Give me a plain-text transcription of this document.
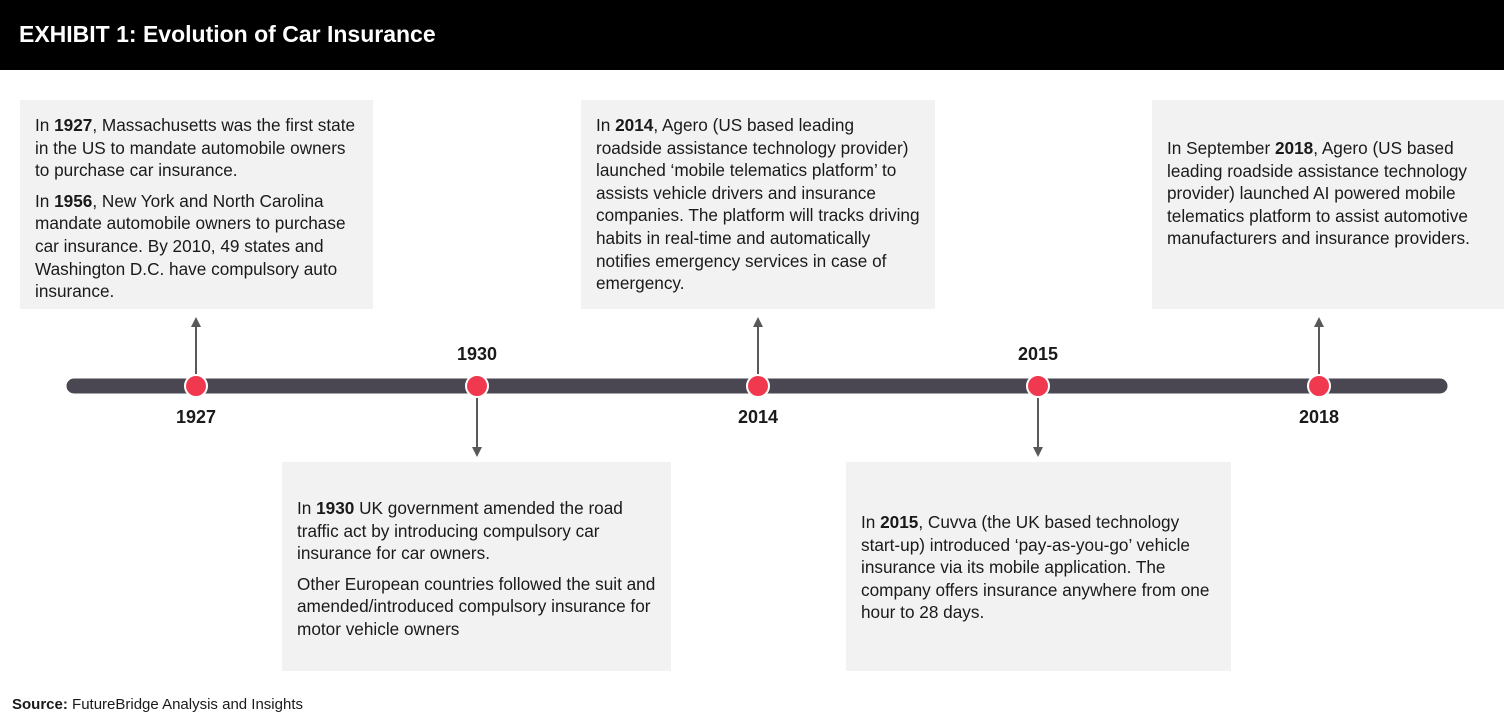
EXHIBIT 1: Evolution of Car Insurance

In 1927, Massachusetts was the first state in the US to mandate automobile owners to purchase car insurance.

In 1956, New York and North Carolina mandate automobile owners to purchase car insurance. By 2010, 49 states and Washington D.C. have compulsory auto insurance.

In 1930 UK government amended the road traffic act by introducing compulsory car insurance for car owners.

Other European countries followed the suit and amended/introduced compulsory insurance for motor vehicle owners

In 2014, Agero (US based leading roadside assistance technology provider) launched ‘mobile telematics platform’ to assists vehicle drivers and insurance companies. The platform will tracks driving habits in real-time and automatically notifies emergency services in case of emergency.

In 2015, Cuvva (the UK based technology start-up) introduced ‘pay-as-you-go’ vehicle insurance via its mobile application. The company offers insurance anywhere from one hour to 28 days.

In September 2018, Agero (US based leading roadside assistance technology provider) launched AI powered mobile telematics platform to assist automotive manufacturers and insurance providers.

1927
1930
2014
2015
2018
Source: FutureBridge Analysis and Insights
